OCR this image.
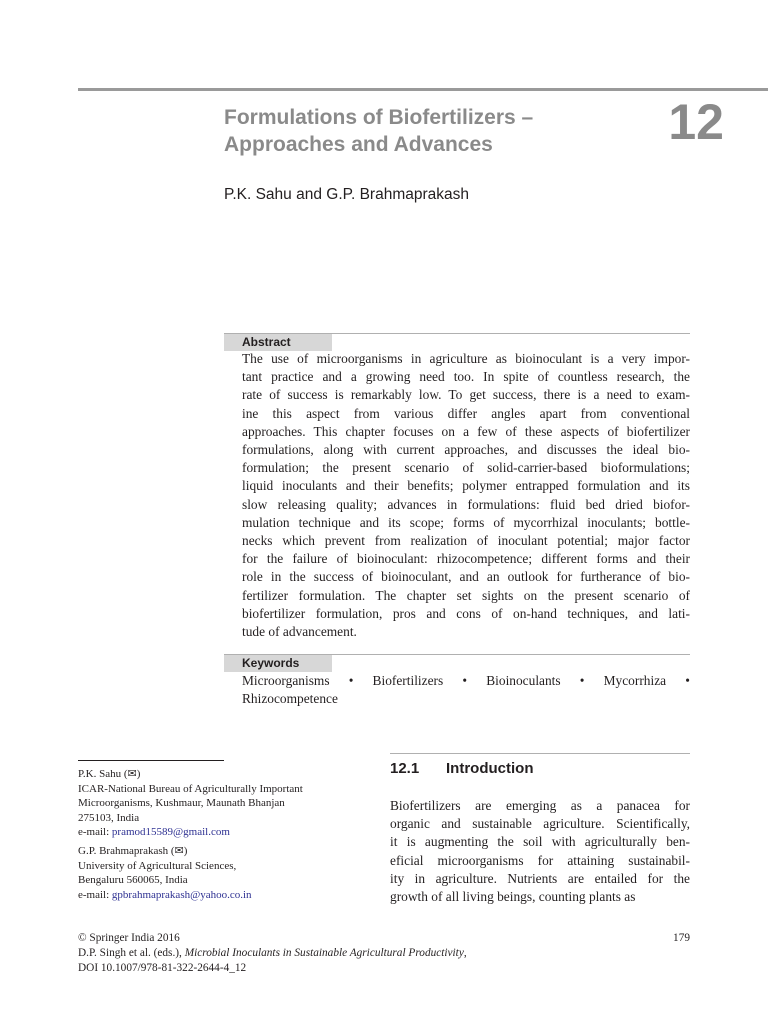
Formulations of Biofertilizers –
Approaches and Advances	12
P.K. Sahu and G.P. Brahmaprakash
Abstract
The use of microorganisms in agriculture as bioinoculant is a very impor-
tant practice and a growing need too. In spite of countless research, the
rate of success is remarkably low. To get success, there is a need to exam-
ine this aspect from various differ angles apart from conventional
approaches. This chapter focuses on a few of these aspects of biofertilizer
formulations, along with current approaches, and discusses the ideal bio-
formulation; the present scenario of solid-carrier-based bioformulations;
liquid inoculants and their benefits; polymer entrapped formulation and its
slow releasing quality; advances in formulations: fluid bed dried biofor-
mulation technique and its scope; forms of mycorrhizal inoculants; bottle-
necks which prevent from realization of inoculant potential; major factor
for the failure of bioinoculant: rhizocompetence; different forms and their
role in the success of bioinoculant, and an outlook for furtherance of bio-
fertilizer formulation. The chapter set sights on the present scenario of
biofertilizer formulation, pros and cons of on-hand techniques, and lati-
tude of advancement.
Keywords
Microorganisms • Biofertilizers • Bioinoculants • Mycorrhiza •
Rhizocompetence
P.K. Sahu (✉)
ICAR-National Bureau of Agriculturally Important
Microorganisms, Kushmaur, Maunath Bhanjan
275103, India
e-mail: pramod15589@gmail.com
G.P. Brahmaprakash (✉)
University of Agricultural Sciences,
Bengaluru 560065, India
e-mail: gpbrahmaprakash@yahoo.co.in
12.1 Introduction
Biofertilizers are emerging as a panacea for
organic and sustainable agriculture. Scientifically,
it is augmenting the soil with agriculturally ben-
eficial microorganisms for attaining sustainabil-
ity in agriculture. Nutrients are entailed for the
growth of all living beings, counting plants as
© Springer India 2016
D.P. Singh et al. (eds.), Microbial Inoculants in Sustainable Agricultural Productivity,
DOI 10.1007/978-81-322-2644-4_12
179
